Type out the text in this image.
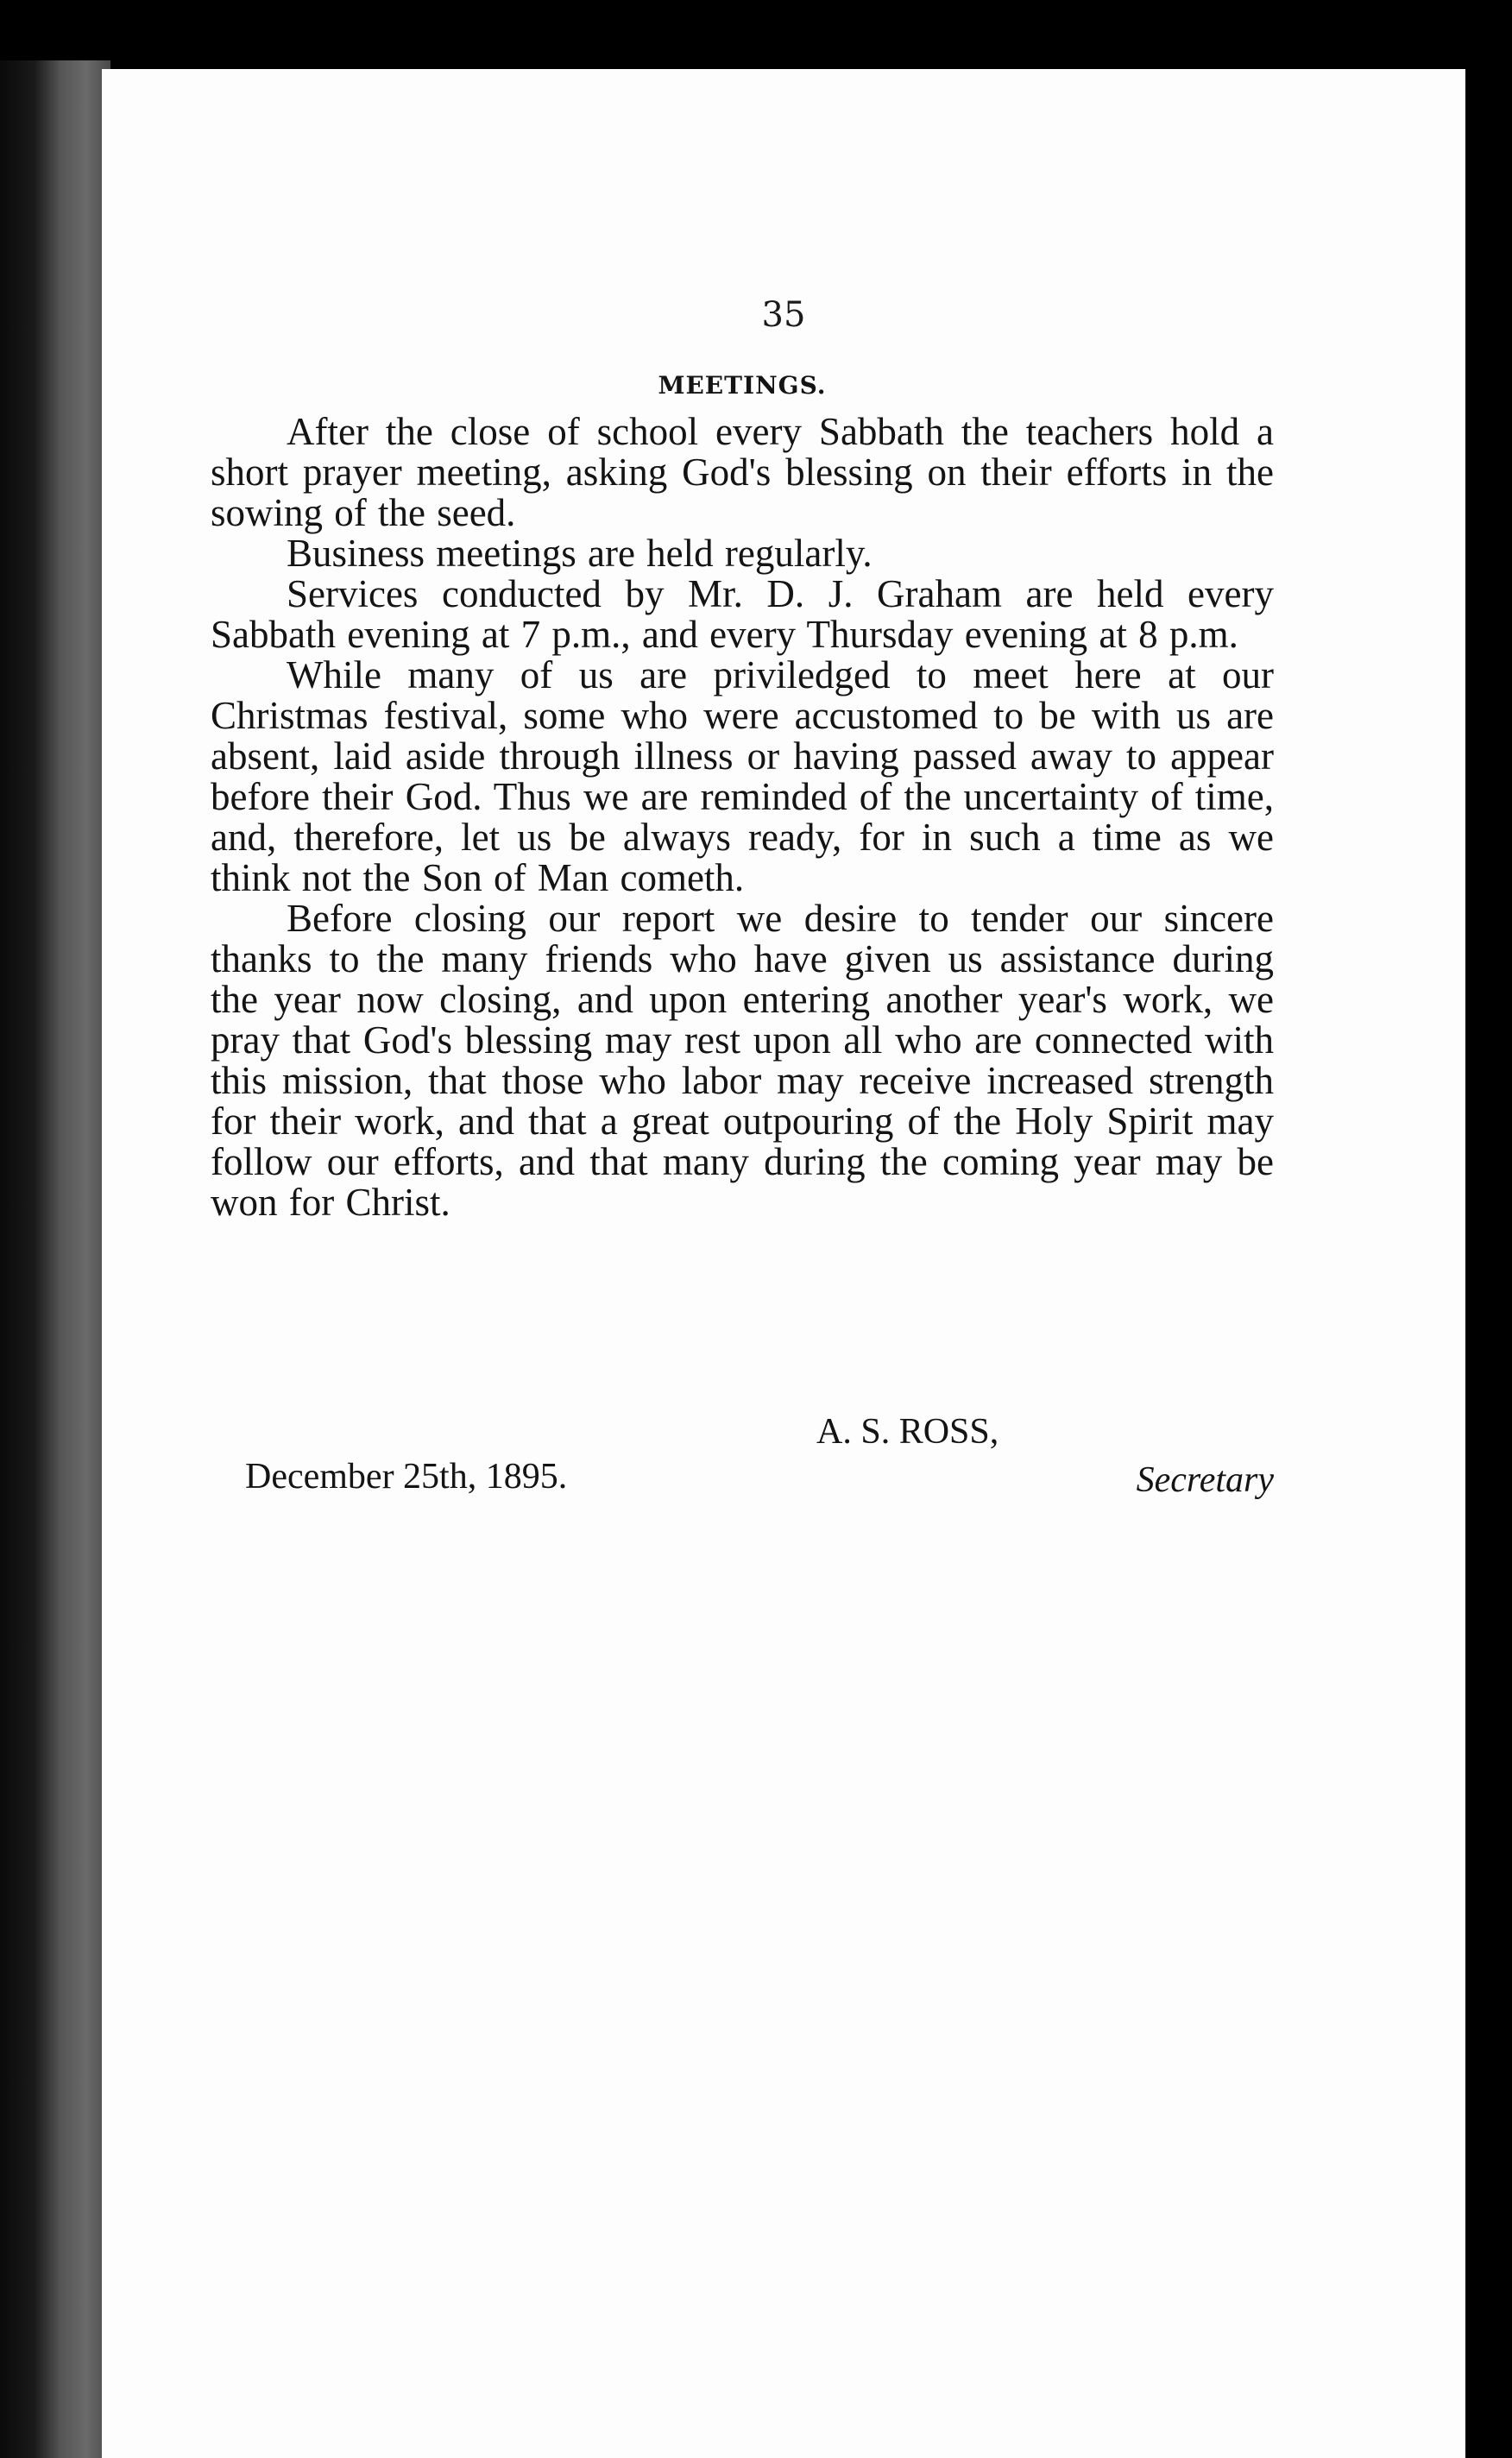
35
MEETINGS.

After the close of school every Sabbath the teachers hold a short prayer meeting, asking God's blessing on their efforts in the sowing of the seed.

Business meetings are held regularly.

Services conducted by Mr. D. J. Graham are held every Sabbath evening at 7 p.m., and every Thursday evening at 8 p.m.

While many of us are priviledged to meet here at our Christmas festival, some who were accustomed to be with us are absent, laid aside through illness or having passed away to appear before their God. Thus we are reminded of the uncertainty of time, and, therefore, let us be always ready, for in such a time as we think not the Son of Man cometh.

Before closing our report we desire to tender our sincere thanks to the many friends who have given us assistance during the year now closing, and upon entering another year's work, we pray that God's blessing may rest upon all who are connected with this mission, that those who labor may receive increased strength for their work, and that a great outpouring of the Holy Spirit may follow our efforts, and that many during the coming year may be won for Christ.

A. S. ROSS,
December 25th, 1895.	Secretary
